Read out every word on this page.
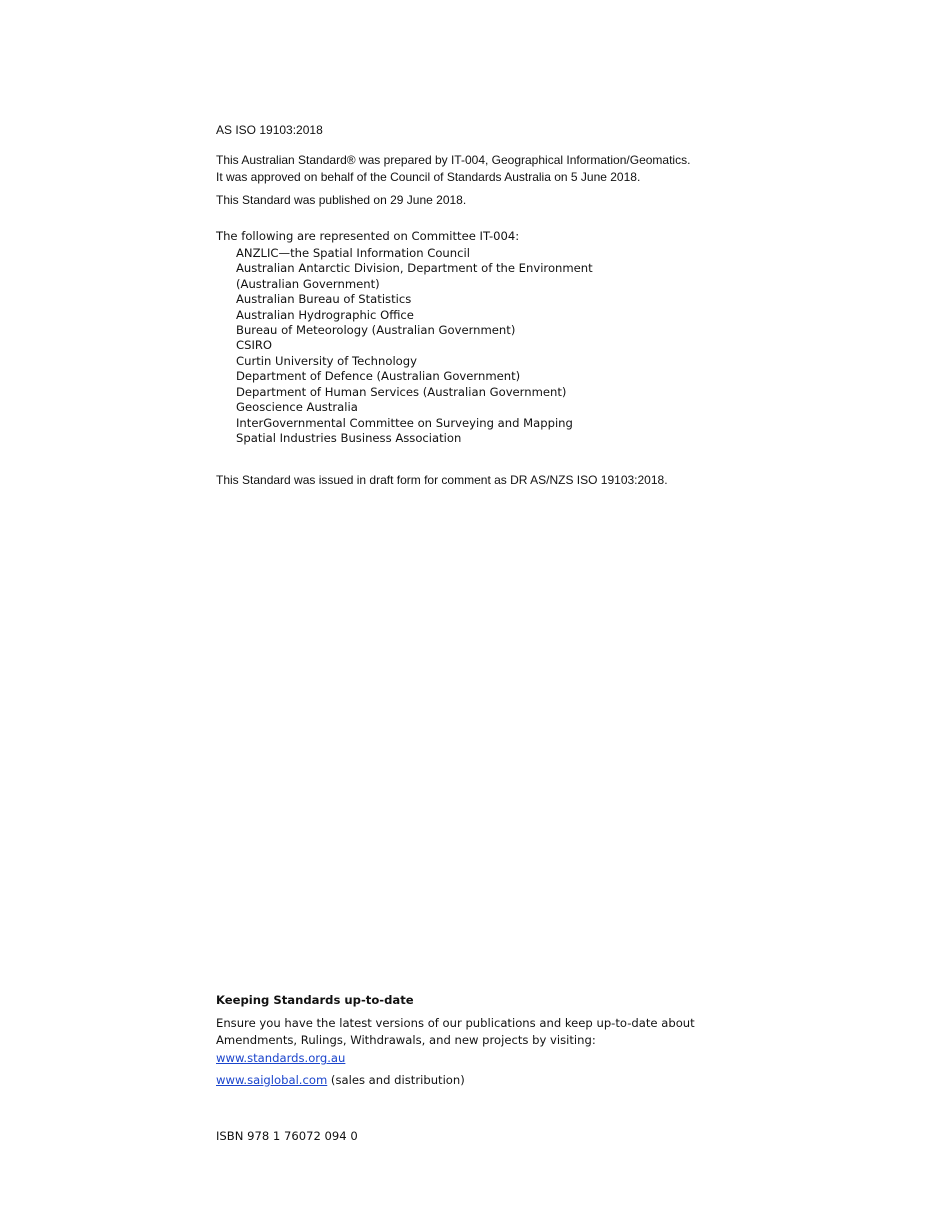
AS ISO 19103:2018
This Australian Standard® was prepared by IT-004, Geographical Information/Geomatics.
It was approved on behalf of the Council of Standards Australia on 5 June 2018.
This Standard was published on 29 June 2018.
The following are represented on Committee IT-004:
ANZLIC—the Spatial Information Council
Australian Antarctic Division, Department of the Environment
(Australian Government)
Australian Bureau of Statistics
Australian Hydrographic Office
Bureau of Meteorology (Australian Government)
CSIRO
Curtin University of Technology
Department of Defence (Australian Government)
Department of Human Services (Australian Government)
Geoscience Australia
InterGovernmental Committee on Surveying and Mapping
Spatial Industries Business Association
This Standard was issued in draft form for comment as DR AS/NZS ISO 19103:2018.
Keeping Standards up-to-date
Ensure you have the latest versions of our publications and keep up-to-date about
Amendments, Rulings, Withdrawals, and new projects by visiting:
www.standards.org.au
www.saiglobal.com (sales and distribution)
ISBN 978 1 76072 094 0
